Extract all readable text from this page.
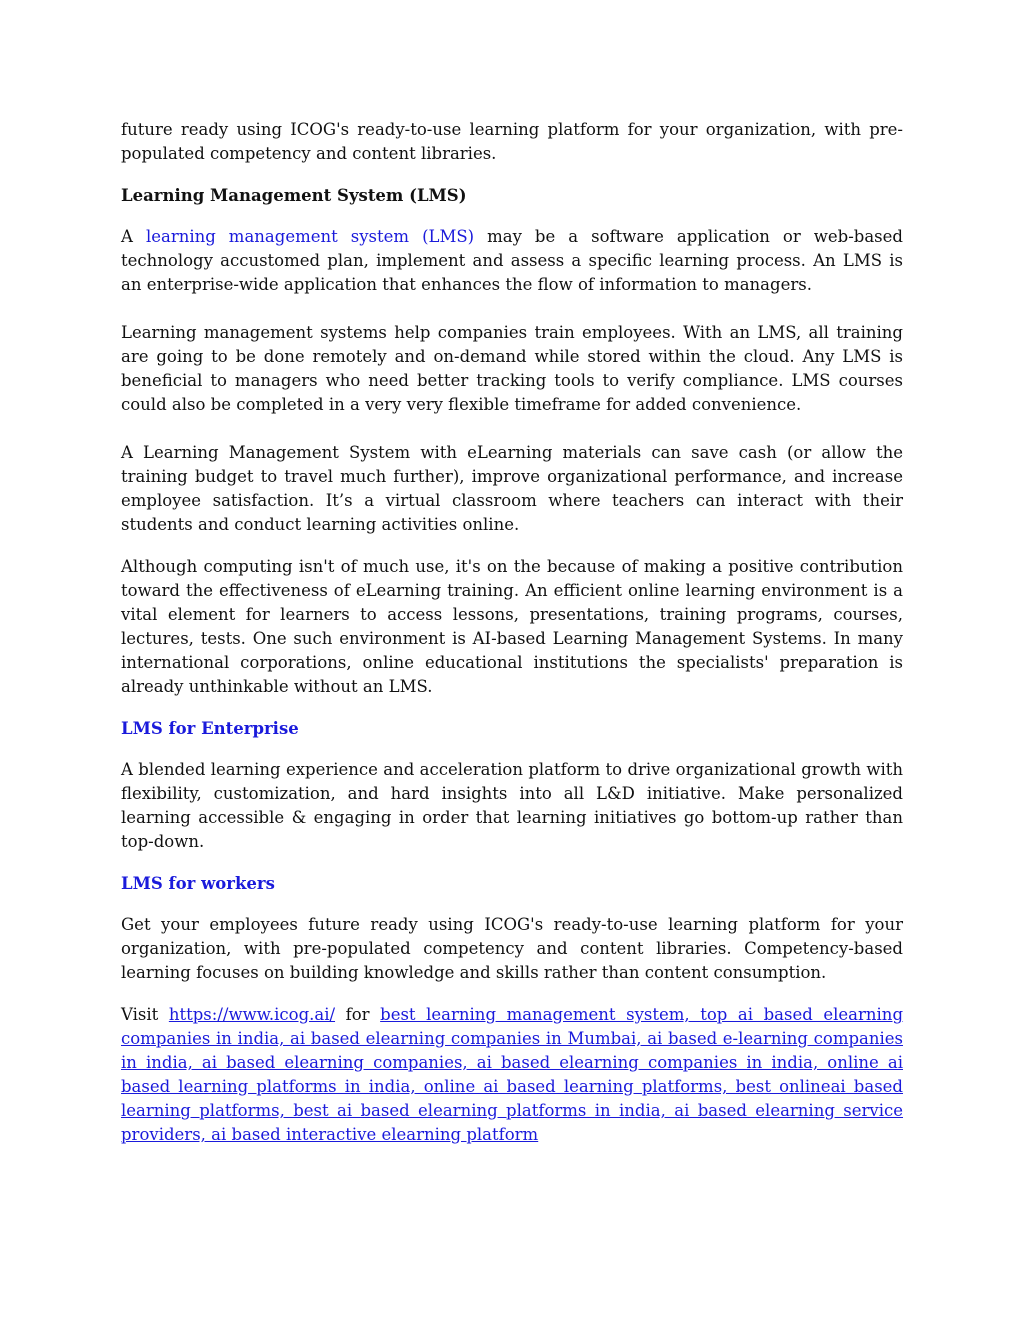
future ready using ICOG's ready-to-use learning platform for your organization, with pre-populated competency and content libraries.

Learning Management System (LMS)

A learning management system (LMS) may be a software application or web-based technology accustomed plan, implement and assess a specific learning process. An LMS is an enterprise-wide application that enhances the flow of information to managers.

Learning management systems help companies train employees. With an LMS, all training are going to be done remotely and on-demand while stored within the cloud. Any LMS is beneficial to managers who need better tracking tools to verify compliance. LMS courses could also be completed in a very very flexible timeframe for added convenience.

A Learning Management System with eLearning materials can save cash (or allow the training budget to travel much further), improve organizational performance, and increase employee satisfaction. It’s a virtual classroom where teachers can interact with their students and conduct learning activities online.

Although computing isn't of much use, it's on the because of making a positive contribution toward the effectiveness of eLearning training. An efficient online learning environment is a vital element for learners to access lessons, presentations, training programs, courses, lectures, tests. One such environment is AI-based Learning Management Systems. In many international corporations, online educational institutions the specialists' preparation is already unthinkable without an LMS.

LMS for Enterprise

A blended learning experience and acceleration platform to drive organizational growth with flexibility, customization, and hard insights into all L&D initiative. Make personalized learning accessible & engaging in order that learning initiatives go bottom-up rather than top-down.

LMS for workers

Get your employees future ready using ICOG's ready-to-use learning platform for your organization, with pre-populated competency and content libraries. Competency-based learning focuses on building knowledge and skills rather than content consumption.

Visit https://www.icog.ai/ for best learning management system, top ai based elearning companies in india, ai based elearning companies in Mumbai, ai based e-learning companies in india, ai based elearning companies, ai based elearning companies in india, online ai based learning platforms in india, online ai based learning platforms, best onlineai based learning platforms, best ai based elearning platforms in india, ai based elearning service providers, ai based interactive elearning platform
